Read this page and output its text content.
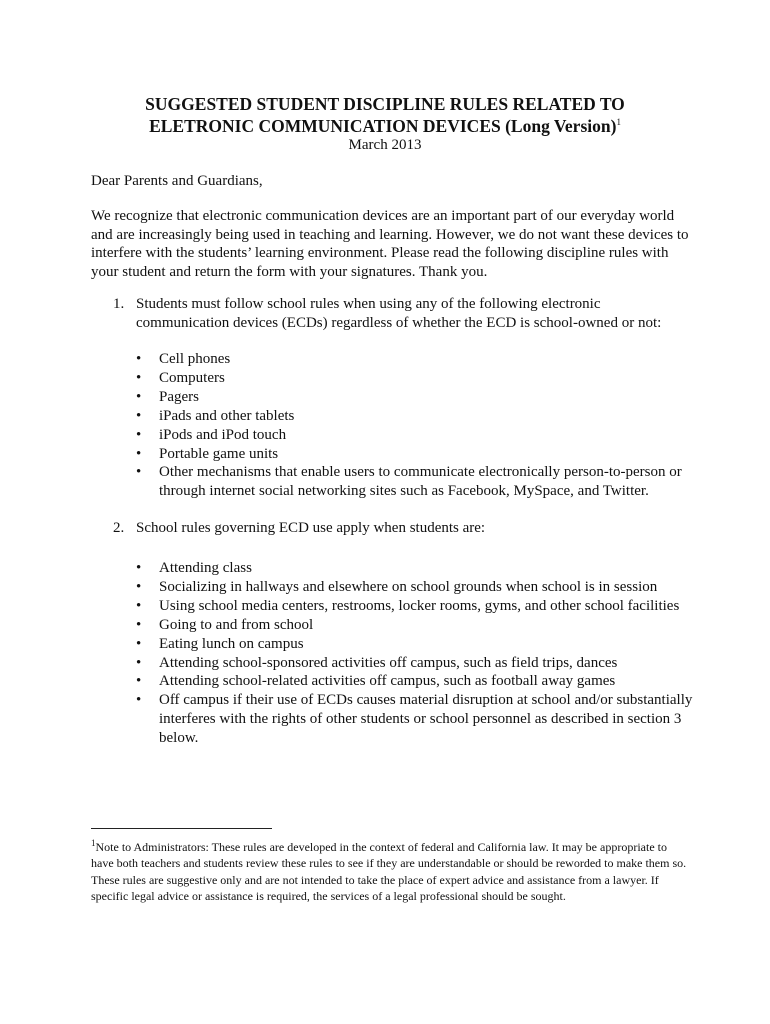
SUGGESTED STUDENT DISCIPLINE RULES RELATED TO
ELETRONIC COMMUNICATION DEVICES (Long Version)$^1$
March 2013
Dear Parents and Guardians,

We recognize that electronic communication devices are an important part of our everyday world and are increasingly being used in teaching and learning. However, we do not want these devices to interfere with the students’ learning environment. Please read the following discipline rules with your student and return the form with your signatures. Thank you.

1. Students must follow school rules when using any of the following electronic communication devices (ECDs) regardless of whether the ECD is school-owned or not:
• Cell phones
• Computers
• Pagers
• iPads and other tablets
• iPods and iPod touch
• Portable game units
• Other mechanisms that enable users to communicate electronically person-to-person or through internet social networking sites such as Facebook, MySpace, and Twitter.
2. School rules governing ECD use apply when students are:
• Attending class
• Socializing in hallways and elsewhere on school grounds when school is in session
• Using school media centers, restrooms, locker rooms, gyms, and other school facilities
• Going to and from school
• Eating lunch on campus
• Attending school-sponsored activities off campus, such as field trips, dances
• Attending school-related activities off campus, such as football away games
• Off campus if their use of ECDs causes material disruption at school and/or substantially interferes with the rights of other students or school personnel as described in section 3 below.
$^1$Note to Administrators: These rules are developed in the context of federal and California law. It may be appropriate to have both teachers and students review these rules to see if they are understandable or should be reworded to make them so. These rules are suggestive only and are not intended to take the place of expert advice and assistance from a lawyer. If specific legal advice or assistance is required, the services of a legal professional should be sought.
